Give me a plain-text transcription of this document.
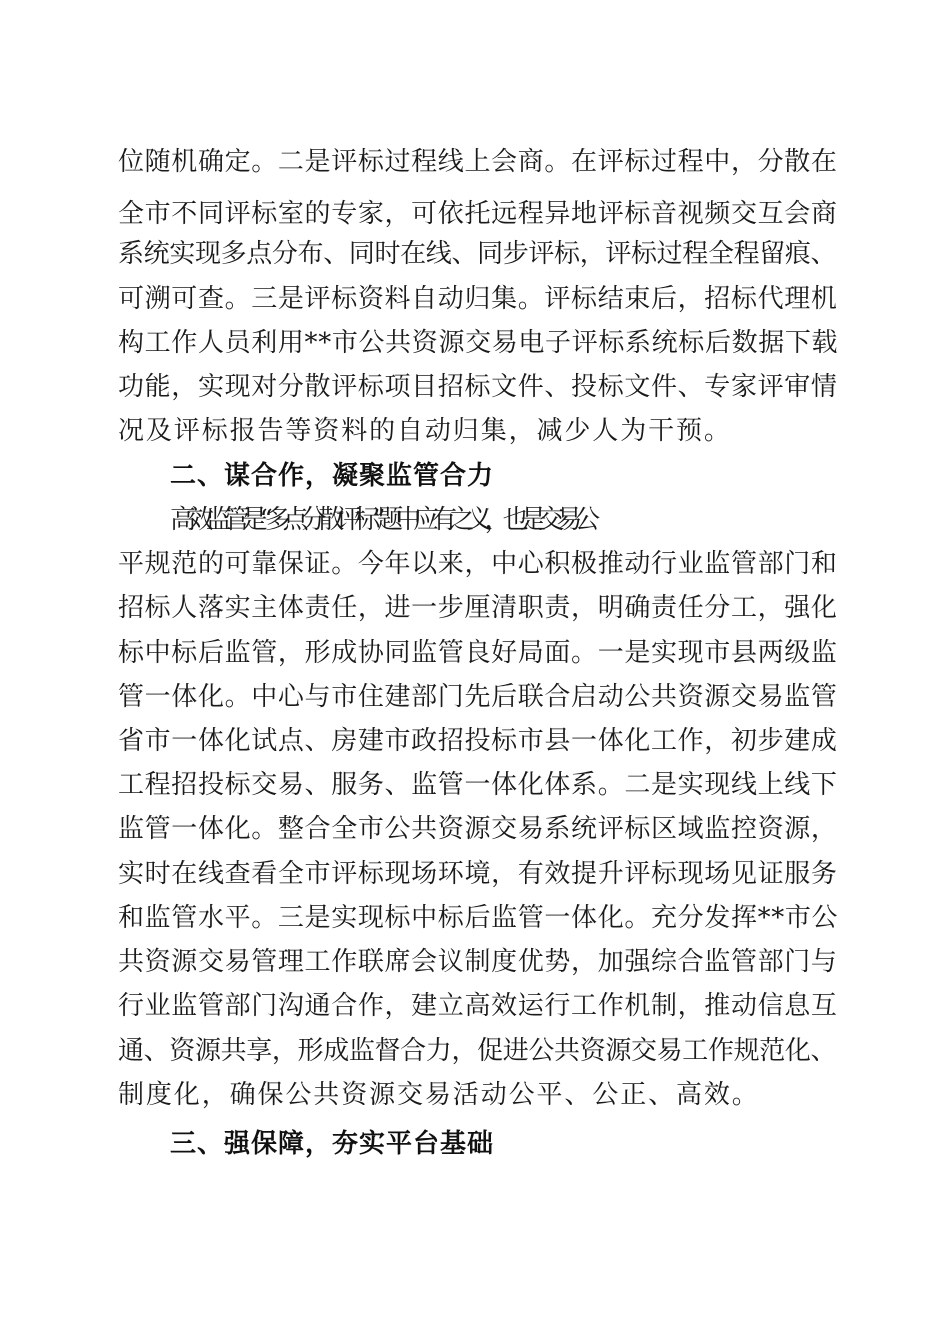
位随机确定。二是评标过程线上会商。在评标过程中，分散在
全市不同评标室的专家，可依托远程异地评标音视频交互会商
系统实现多点分布、同时在线、同步评标，评标过程全程留痕、
可溯可查。三是评标资料自动归集。评标结束后，招标代理机
构工作人员利用**市公共资源交易电子评标系统标后数据下载
功能，实现对分散评标项目招标文件、投标文件、专家评审情
况及评标报告等资料的自动归集，减少人为干预。
二、谋合作，凝聚监管合力
高效监管是“多点分散评标”题中应有之义，也是交易公
平规范的可靠保证。今年以来，中心积极推动行业监管部门和
招标人落实主体责任，进一步厘清职责，明确责任分工，强化
标中标后监管，形成协同监管良好局面。一是实现市县两级监
管一体化。中心与市住建部门先后联合启动公共资源交易监管
省市一体化试点、房建市政招投标市县一体化工作，初步建成
工程招投标交易、服务、监管一体化体系。二是实现线上线下
监管一体化。整合全市公共资源交易系统评标区域监控资源，
实时在线查看全市评标现场环境，有效提升评标现场见证服务
和监管水平。三是实现标中标后监管一体化。充分发挥**市公
共资源交易管理工作联席会议制度优势，加强综合监管部门与
行业监管部门沟通合作，建立高效运行工作机制，推动信息互
通、资源共享，形成监督合力，促进公共资源交易工作规范化、
制度化，确保公共资源交易活动公平、公正、高效。
三、强保障，夯实平台基础
